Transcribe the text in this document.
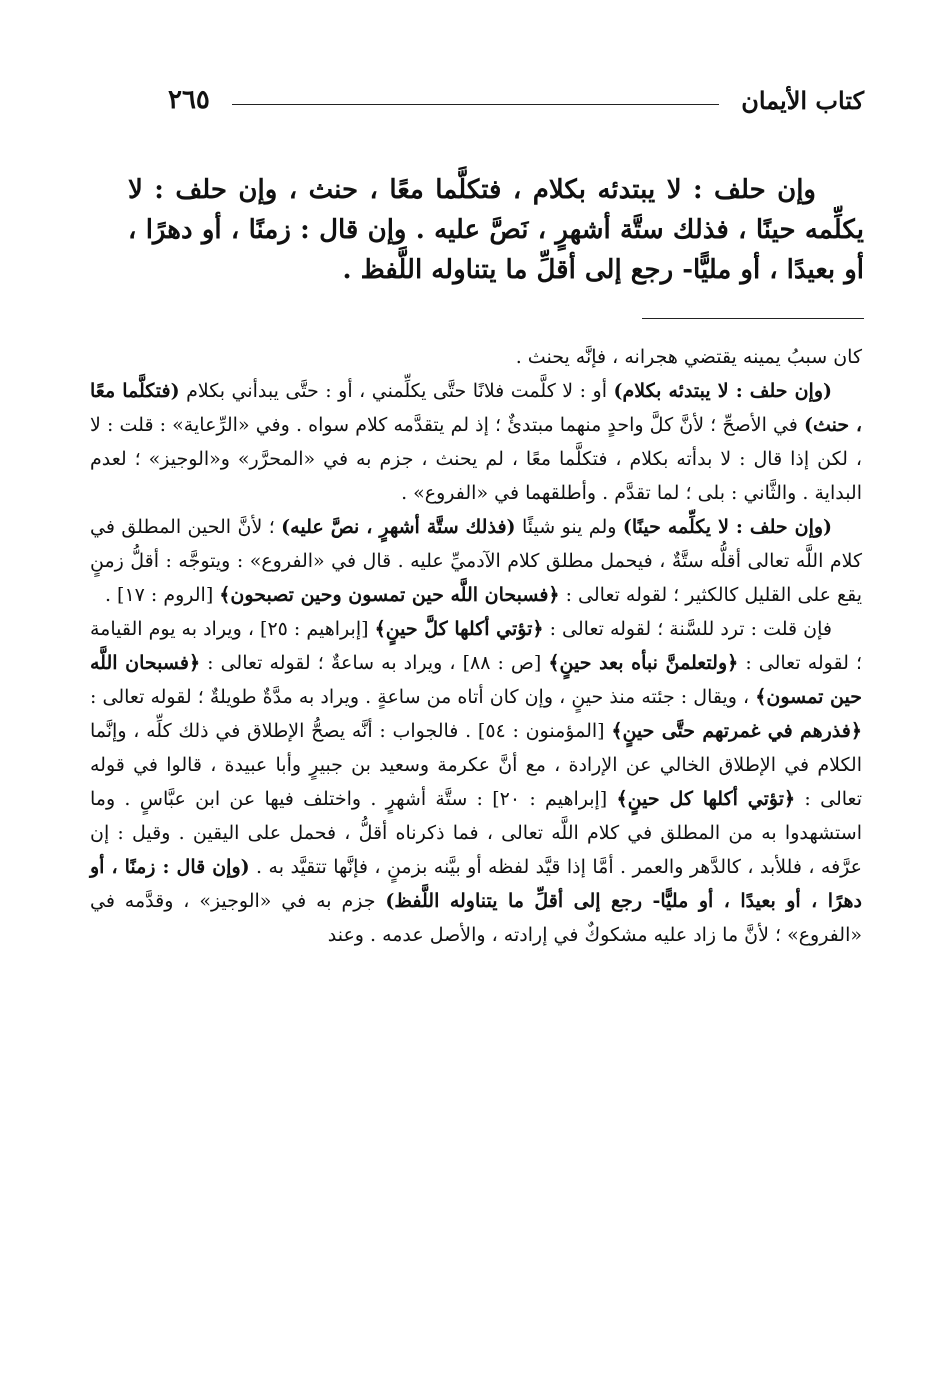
كتاب الأيمان
٢٦٥

وإن حلف : لا يبتدئه بكلام ، فتكلَّما معًا ، حنث ، وإن حلف : لا يكلِّمه حينًا ، فذلك ستَّة أشهرٍ ، نَصَّ عليه . وإن قال : زمنًا ، أو دهرًا ، أو بعيدًا ، أو مليًّا- رجع إلى أقلِّ ما يتناوله اللَّفظ .

كان سببُ يمينه يقتضي هجرانه ، فإنَّه يحنث .

(وإن حلف : لا يبتدئه بكلام) أو : لا كلَّمت فلانًا حتَّى يكلِّمني ، أو : حتَّى يبدأني بكلام (فتكلَّما معًا ، حنث) في الأصحِّ ؛ لأنَّ كلَّ واحدٍ منهما مبتدئٌ ؛ إذ لم يتقدَّمه كلام سواه . وفي «الرِّعاية» : قلت : لا ، لكن إذا قال : لا بدأته بكلام ، فتكلَّما معًا ، لم يحنث ، جزم به في «المحرَّر» و«الوجيز» ؛ لعدم البداية . والثَّاني : بلى ؛ لما تقدَّم . وأطلقهما في «الفروع» .

(وإن حلف : لا يكلِّمه حينًا) ولم ينو شيئًا (فذلك ستَّة أشهرٍ ، نصَّ عليه) ؛ لأنَّ الحين المطلق في كلام اللَّه تعالى أقلُّه ستَّةٌ ، فيحمل مطلق كلام الآدميِّ عليه . قال في «الفروع» : ويتوجَّه : أقلُّ زمنٍ يقع على القليل كالكثير ؛ لقوله تعالى : ﴿فسبحان اللَّه حين تمسون وحين تصبحون﴾ [الروم : ١٧] .

فإن قلت : ترد للسَّنة ؛ لقوله تعالى : ﴿تؤتي أكلها كلَّ حينٍ﴾ [إبراهيم : ٢٥] ، ويراد به يوم القيامة ؛ لقوله تعالى : ﴿ولتعلمنَّ نبأه بعد حينٍ﴾ [ص : ٨٨] ، ويراد به ساعةٌ ؛ لقوله تعالى : ﴿فسبحان اللَّه حين تمسون﴾ ، ويقال : جئته منذ حينٍ ، وإن كان أتاه من ساعةٍ . ويراد به مدَّةٌ طويلةٌ ؛ لقوله تعالى : ﴿فذرهم في غمرتهم حتَّى حينٍ﴾ [المؤمنون : ٥٤] . فالجواب : أنَّه يصحُّ الإطلاق في ذلك كلِّه ، وإنَّما الكلام في الإطلاق الخالي عن الإرادة ، مع أنَّ عكرمة وسعيد بن جبيرٍ وأبا عبيدة ، قالوا في قوله تعالى : ﴿تؤتي أكلها كل حينٍ﴾ [إبراهيم : ٢٠] : ستَّة أشهرٍ . واختلف فيها عن ابن عبَّاسٍ . وما استشهدوا به من المطلق في كلام اللَّه تعالى ، فما ذكرناه أقلُّ ، فحمل على اليقين . وقيل : إن عرَّفه ، فللأبد ، كالدَّهر والعمر . أمَّا إذا قيَّد لفظه أو بيَّنه بزمنٍ ، فإنَّها تتقيَّد به . (وإن قال : زمنًا ، أو دهرًا ، أو بعيدًا ، أو مليًّا- رجع إلى أقلِّ ما يتناوله اللَّفظ) جزم به في «الوجيز» ، وقدَّمه في «الفروع» ؛ لأنَّ ما زاد عليه مشكوكٌ في إرادته ، والأصل عدمه . وعند
